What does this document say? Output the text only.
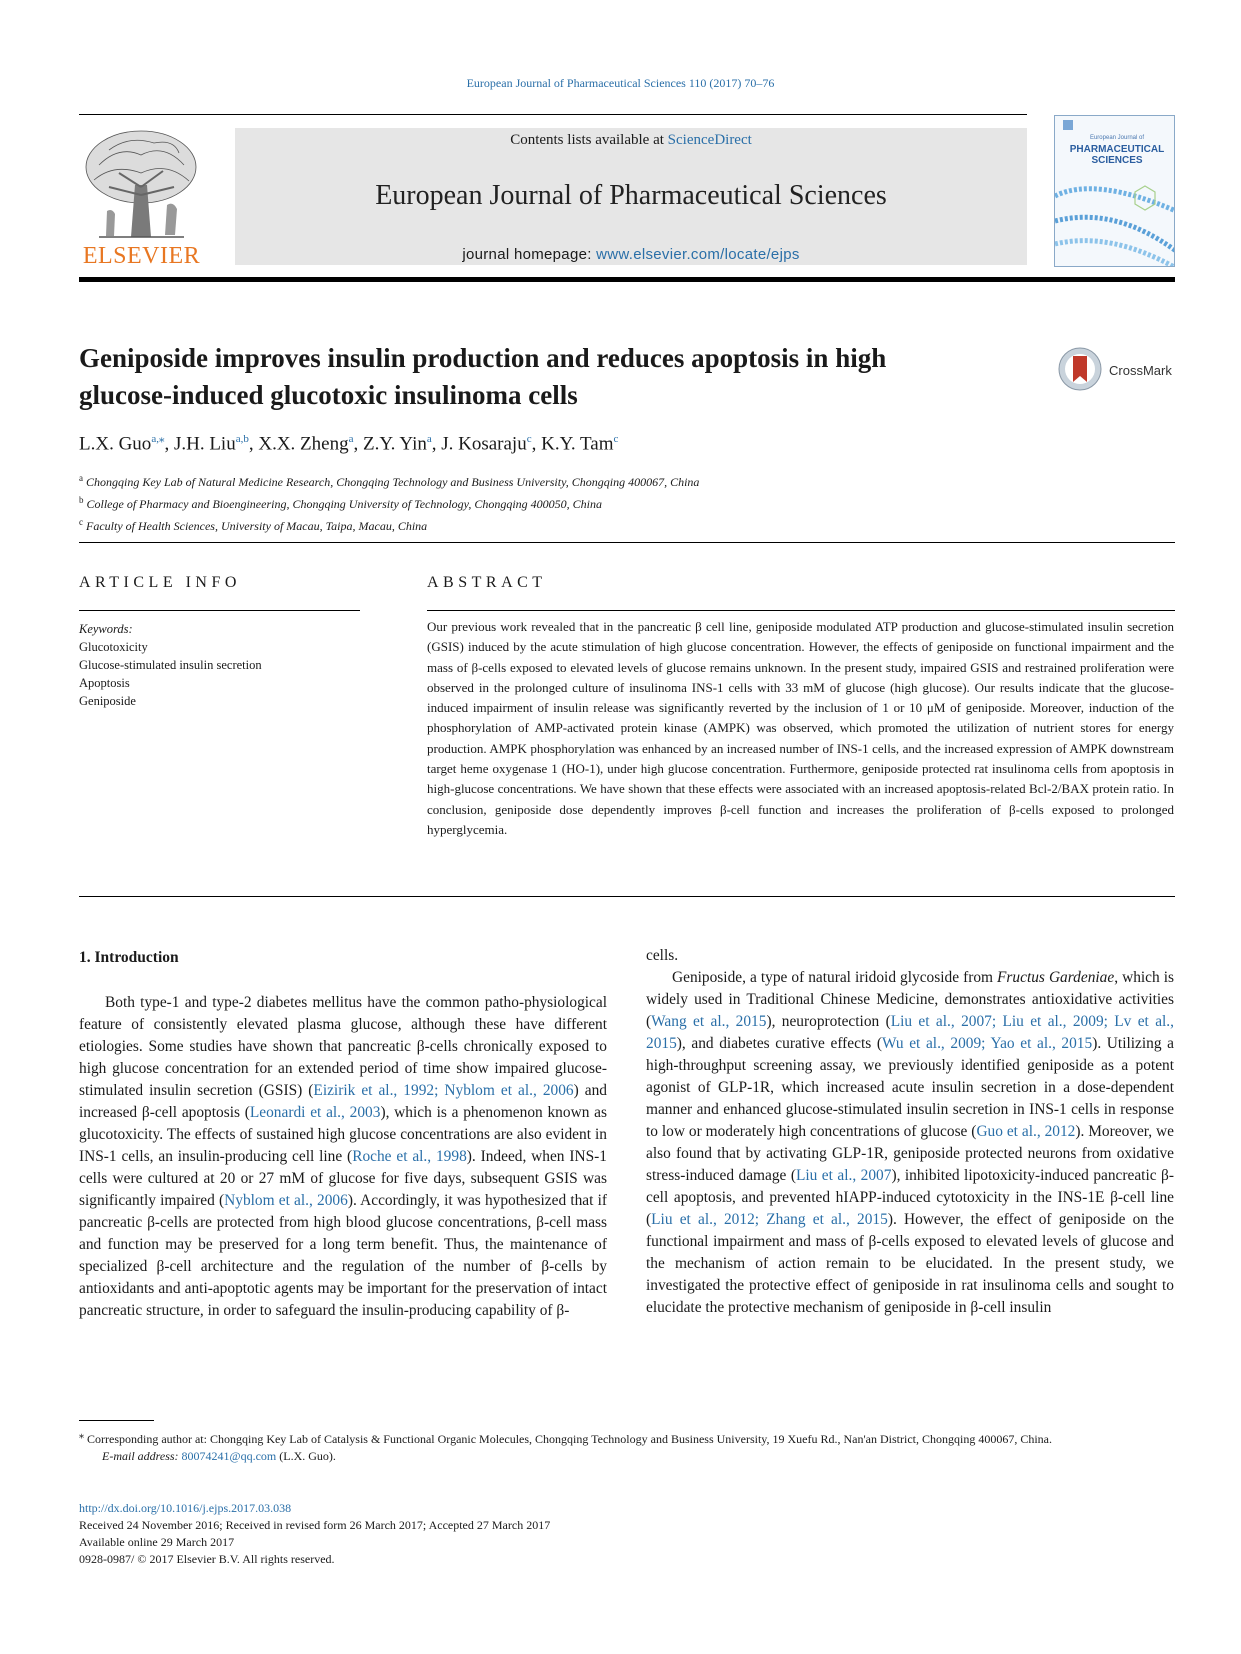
European Journal of Pharmaceutical Sciences 110 (2017) 70–76
ELSEVIER
Contents lists available at ScienceDirect
European Journal of Pharmaceutical Sciences
journal homepage: www.elsevier.com/locate/ejps
European Journal of
PHARMACEUTICAL
SCIENCES
Geniposide improves insulin production and reduces apoptosis in high
glucose-induced glucotoxic insulinoma cells
CrossMark
L.X. Guo$^{a,⁎}$, J.H. Liu$^{a,b}$, X.X. Zheng$^a$, Z.Y. Yin$^a$, J. Kosaraju$^c$, K.Y. Tam$^c$
$^a$ Chongqing Key Lab of Natural Medicine Research, Chongqing Technology and Business University, Chongqing 400067, China
$^b$ College of Pharmacy and Bioengineering, Chongqing University of Technology, Chongqing 400050, China
$^c$ Faculty of Health Sciences, University of Macau, Taipa, Macau, China
ARTICLE INFO
Keywords:
Glucotoxicity
Glucose-stimulated insulin secretion
Apoptosis
Geniposide
ABSTRACT
Our previous work revealed that in the pancreatic β cell line, geniposide modulated ATP production and glucose-stimulated insulin secretion (GSIS) induced by the acute stimulation of high glucose concentration. However, the effects of geniposide on functional impairment and the mass of β-cells exposed to elevated levels of glucose remains unknown. In the present study, impaired GSIS and restrained proliferation were observed in the prolonged culture of insulinoma INS-1 cells with 33 mM of glucose (high glucose). Our results indicate that the glucose-induced impairment of insulin release was significantly reverted by the inclusion of 1 or 10 μM of geniposide. Moreover, induction of the phosphorylation of AMP-activated protein kinase (AMPK) was observed, which promoted the utilization of nutrient stores for energy production. AMPK phosphorylation was enhanced by an increased number of INS-1 cells, and the increased expression of AMPK downstream target heme oxygenase 1 (HO-1), under high glucose concentration. Furthermore, geniposide protected rat insulinoma cells from apoptosis in high-glucose concentrations. We have shown that these effects were associated with an increased apoptosis-related Bcl-2/BAX protein ratio. In conclusion, geniposide dose dependently improves β-cell function and increases the proliferation of β-cells exposed to prolonged hyperglycemia.
1. Introduction

Both type-1 and type-2 diabetes mellitus have the common patho-physiological feature of consistently elevated plasma glucose, although these have different etiologies. Some studies have shown that pancreatic β-cells chronically exposed to high glucose concentration for an extended period of time show impaired glucose-stimulated insulin secretion (GSIS) (Eizirik et al., 1992; Nyblom et al., 2006) and increased β-cell apoptosis (Leonardi et al., 2003), which is a phenomenon known as glucotoxicity. The effects of sustained high glucose concentrations are also evident in INS-1 cells, an insulin-producing cell line (Roche et al., 1998). Indeed, when INS-1 cells were cultured at 20 or 27 mM of glucose for five days, subsequent GSIS was significantly impaired (Nyblom et al., 2006). Accordingly, it was hypothesized that if pancreatic β-cells are protected from high blood glucose concentrations, β-cell mass and function may be preserved for a long term benefit. Thus, the maintenance of specialized β-cell architecture and the regulation of the number of β-cells by antioxidants and anti-apoptotic agents may be important for the preservation of intact pancreatic structure, in order to safeguard the insulin-producing capability of β-

cells.

Geniposide, a type of natural iridoid glycoside from Fructus Gardeniae, which is widely used in Traditional Chinese Medicine, demonstrates antioxidative activities (Wang et al., 2015), neuroprotection (Liu et al., 2007; Liu et al., 2009; Lv et al., 2015), and diabetes curative effects (Wu et al., 2009; Yao et al., 2015). Utilizing a high-throughput screening assay, we previously identified geniposide as a potent agonist of GLP-1R, which increased acute insulin secretion in a dose-dependent manner and enhanced glucose-stimulated insulin secretion in INS-1 cells in response to low or moderately high concentrations of glucose (Guo et al., 2012). Moreover, we also found that by activating GLP-1R, geniposide protected neurons from oxidative stress-induced damage (Liu et al., 2007), inhibited lipotoxicity-induced pancreatic β-cell apoptosis, and prevented hIAPP-induced cytotoxicity in the INS-1E β-cell line (Liu et al., 2012; Zhang et al., 2015). However, the effect of geniposide on the functional impairment and mass of β-cells exposed to elevated levels of glucose and the mechanism of action remain to be elucidated. In the present study, we investigated the protective effect of geniposide in rat insulinoma cells and sought to elucidate the protective mechanism of geniposide in β-cell insulin

⁎ Corresponding author at: Chongqing Key Lab of Catalysis & Functional Organic Molecules, Chongqing Technology and Business University, 19 Xuefu Rd., Nan'an District, Chongqing 400067, China.
E-mail address: 80074241@qq.com (L.X. Guo).
http://dx.doi.org/10.1016/j.ejps.2017.03.038
Received 24 November 2016; Received in revised form 26 March 2017; Accepted 27 March 2017
Available online 29 March 2017
0928-0987/ © 2017 Elsevier B.V. All rights reserved.
